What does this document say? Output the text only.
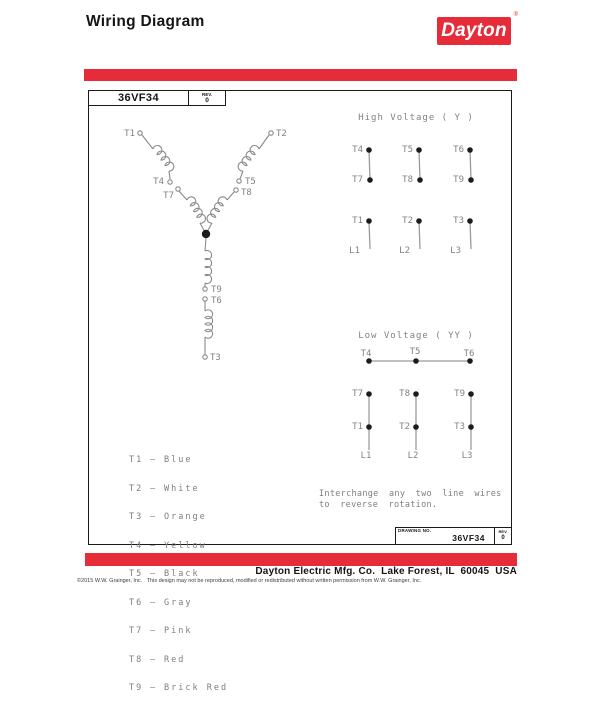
Wiring Diagram	Dayton
®
36VF34	REV.
0
T1	T2
T4
T7
T5
T8
T9
T6
T3
High Voltage ( Y )
T4
T7
T5
T8
T6
T9
T1
L1
T2
L2
T3
L3
Low Voltage ( YY )
T4	T5	T6
T7
T1
L1
T8
T2
L2
T9
T3
L3

T1 — Blue

T2 — White

T3 — Orange

T4 — Yellow

T5 — Black

T6 — Gray

T7 — Pink

T8 — Red

T9 — Brick Red

Interchange any two line wires
to reverse rotation.
DRAWING NO.
36VF34
REV.
0
Dayton Electric Mfg. Co.  Lake Forest, IL  60045  USA
©2015 W.W. Grainger, Inc.   This design may not be reproduced, modified or redistributed without written permission from W.W. Grainger, Inc.
